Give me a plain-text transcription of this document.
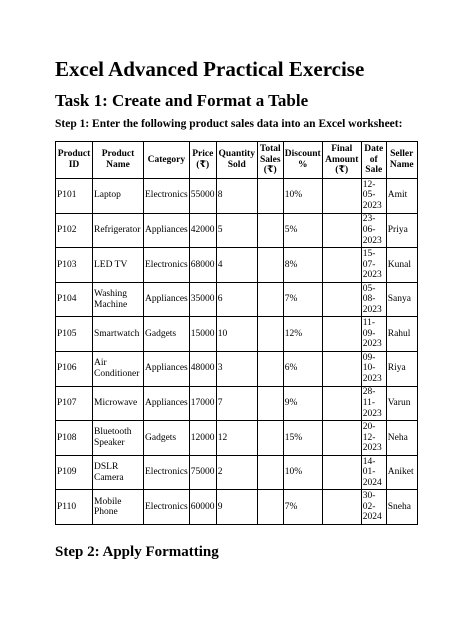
Excel Advanced Practical Exercise
Task 1: Create and Format a Table

Step 1: Enter the following product sales data into an Excel worksheet:

Product ID	Product Name	Category	Price (₹)	Quantity Sold	Total Sales (₹)	Discount %	Final Amount (₹)	Date of Sale	Seller Name
P101	Laptop	Electronics	55000	8		10%		12-05-2023	Amit
P102	Refrigerator	Appliances	42000	5		5%		23-06-2023	Priya
P103	LED TV	Electronics	68000	4		8%		15-07-2023	Kunal
P104	Washing Machine	Appliances	35000	6		7%		05-08-2023	Sanya
P105	Smartwatch	Gadgets	15000	10		12%		11-09-2023	Rahul
P106	Air Conditioner	Appliances	48000	3		6%		09-10-2023	Riya
P107	Microwave	Appliances	17000	7		9%		28-11-2023	Varun
P108	Bluetooth Speaker	Gadgets	12000	12		15%		20-12-2023	Neha
P109	DSLR Camera	Electronics	75000	2		10%		14-01-2024	Aniket
P110	Mobile Phone	Electronics	60000	9		7%		30-02-2024	Sneha
Step 2: Apply Formatting
